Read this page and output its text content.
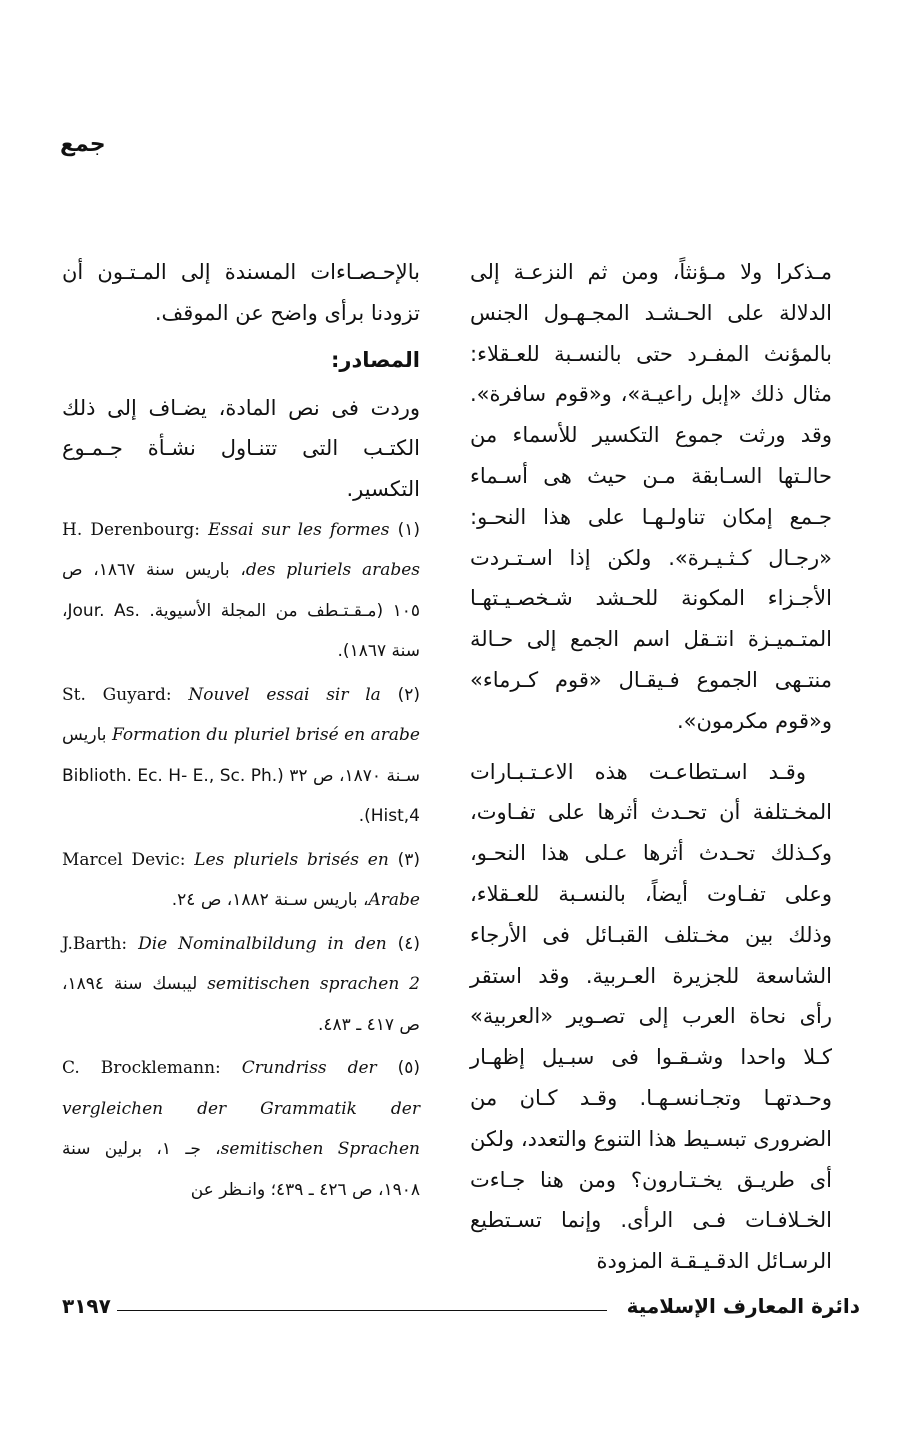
جمع

مـذكرا ولا مـؤنثاً، ومن ثم النزعـة إلى الدلالة على الحـشـد المجـهـول الجنس بالمؤنث المفـرد حتى بالنسـبة للعـقلاء: مثال ذلك «إبل راعيـة»، و«قوم سافرة». وقد ورثت جموع التكسير للأسماء من حالـتها السـابقة مـن حيث هى أسـماء جـمع إمكان تناولـهـا على هذا النحـو: «رجـال كـثـيـرة». ولكن إذا اسـتـردت الأجـزاء المكونة للحـشد شـخصـيـتهـا المتـميـزة انتـقل اسم الجمع إلى حـالة منتـهى الجموع فـيقـال «قوم كـرماء» و«قوم مكرمون».

وقـد اسـتطاعـت هذه الاعـتـبـارات المخـتلفة أن تحـدث أثرها على تفـاوت، وكـذلك تحـدث أثرها عـلى هذا النحـو، وعلى تفـاوت أيضاً، بالنسـبة للعـقلاء، وذلك بين مخـتلف القبـائل فى الأرجاء الشاسعة للجزيرة العـربية. وقد استقر رأى نحاة العرب إلى تصـوير «العربية» كـلا واحدا وشـقـوا فى سبـيل إظهـار وحـدتهـا وتجـانسـهـا. وقـد كـان من الضرورى تبسـيط هذا التنوع والتعدد، ولكن أى طريـق يخـتـارون؟ ومن هنا جـاءت الخـلافـات فـى الرأى. وإنما تسـتطيع الرسـائل الدقـيـقـة المزودة

بالإحـصـاءات المسندة إلى المـتـون أن تزودنا برأى واضح عن الموقف.

المصادر:

وردت فى نص المادة، يضـاف إلى ذلك الكتـب التى تتنـاول نشـأة جـمـوع التكسير.

(١) H. Derenbourg: Essai sur les formes des pluriels arabes، باريس سنة ١٨٦٧، ص ١٠٥ (مـقـتـطف من المجلة الأسيوية. .Jour. As، سنة ١٨٦٧).

(٢) St. Guyard: Nouvel essai sir la Formation du pluriel brisé en arabe باريس سـنة ١٨٧٠، ص ٣٢ (Biblioth. Ec. H- E., Sc. Ph. Hist,4).

(٣) Marcel Devic: Les pluriels brisés en Arabe، باريس سـنة ١٨٨٢، ص ٢٤.

(٤) J.Barth: Die Nominalbildung in den semitischen sprachen 2 ليبسك سنة ١٨٩٤، ص ٤١٧ ـ ٤٨٣.

(٥) C. Brocklemann: Crundriss der vergleichen der Grammatik der semitischen Sprachen، جـ ١، برلين سنة ١٩٠٨، ص ٤٢٦ ـ ٤٣٩؛ وانـظر عن

٣١٩٧	دائرة المعارف الإسلامية
